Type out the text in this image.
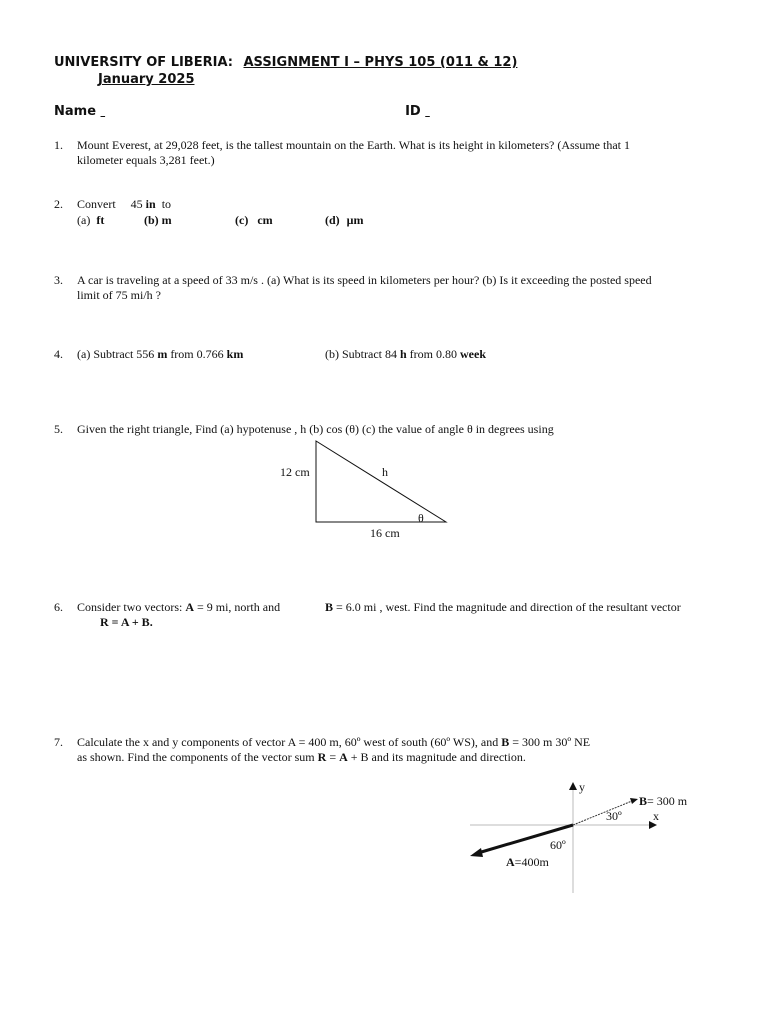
UNIVERSITY OF LIBERIA: ASSIGNMENT I – PHYS 105 (011 & 12)
January 2025
Name	ID
1. Mount Everest, at 29,028 feet, is the tallest mountain on the Earth. What is its height in kilometers? (Assume that 1
kilometer equals 3,281 feet.)
2. Convert 45 in to
(a) ft	(b) m	(c) cm	(d) μm
3. A car is traveling at a speed of 33 m/s . (a) What is its speed in kilometers per hour? (b) Is it exceeding the posted speed
limit of 75 mi/h ?
4. (a) Subtract 556 m from 0.766 km	(b) Subtract 84 h from 0.80 week
5. Given the right triangle, Find (a) hypotenuse , h (b) cos (θ) (c) the value of angle θ in degrees using
12 cm	h
θ
16 cm
6. Consider two vectors: A = 9 mi, north and	B = 6.0 mi , west. Find the magnitude and direction of the resultant vector
R = A + B.
7. Calculate the x and y components of vector A = 400 m, 60º west of south (60º WS), and B = 300 m 30º NE
as shown. Find the components of the vector sum R = A + B and its magnitude and direction.
y
x
B= 300 m
30º
60º
A=400m
